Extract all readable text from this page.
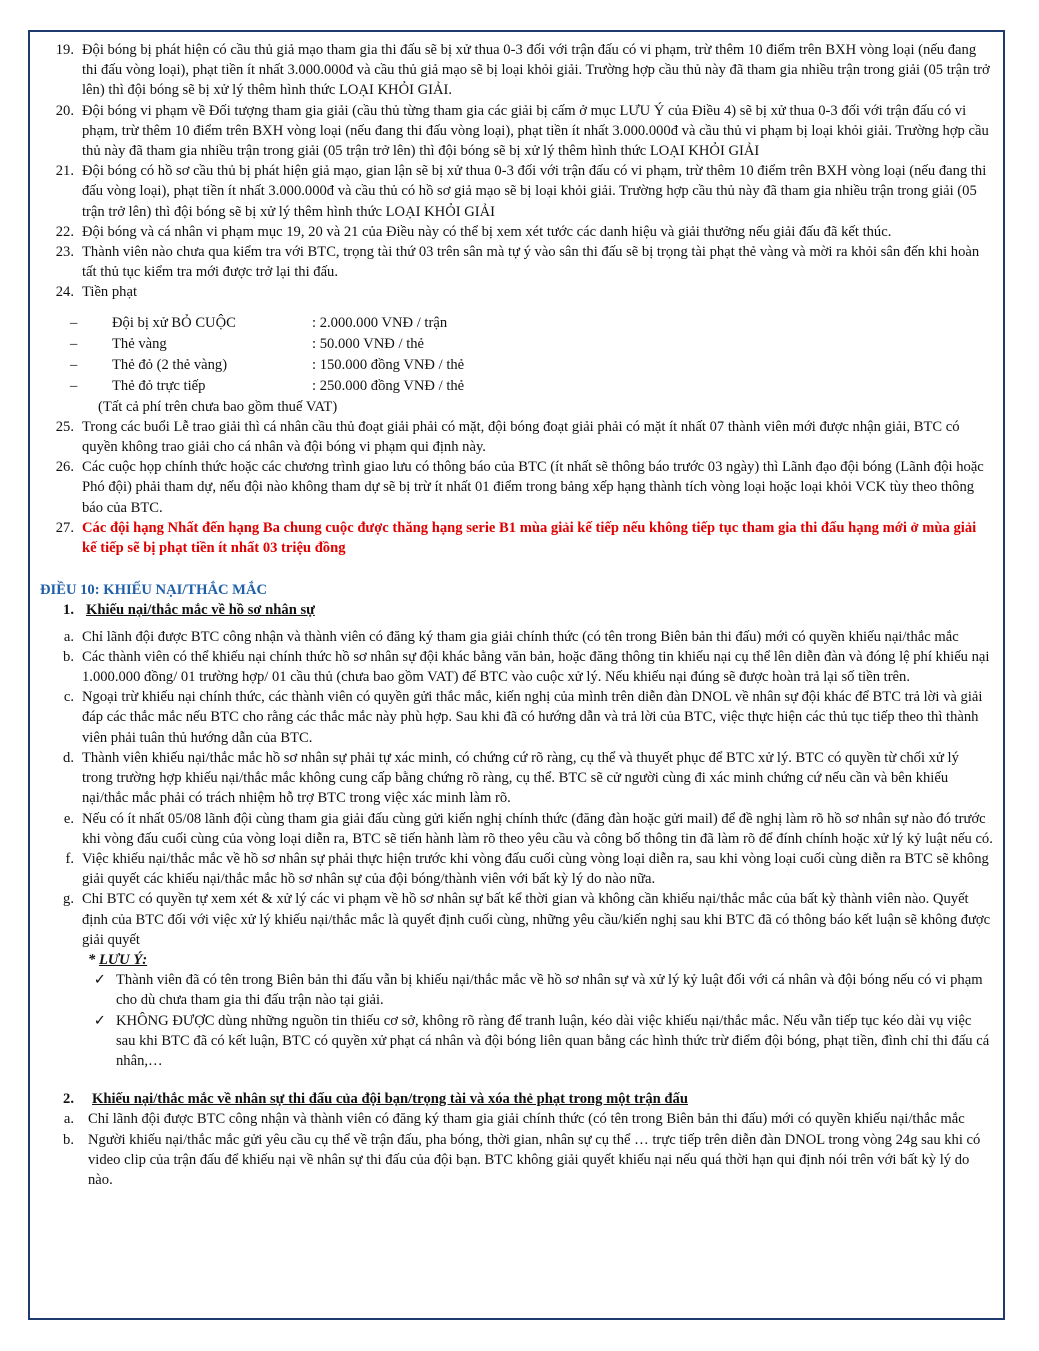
19. Đội bóng bị phát hiện có cầu thủ giả mạo tham gia thi đấu sẽ bị xử thua 0-3 đối với trận đấu có vi phạm, trừ thêm 10 điểm trên BXH vòng loại (nếu đang thi đấu vòng loại), phạt tiền ít nhất 3.000.000đ và cầu thủ giả mạo sẽ bị loại khỏi giải. Trường hợp cầu thủ này đã tham gia nhiều trận trong giải (05 trận trở lên) thì đội bóng sẽ bị xử lý thêm hình thức LOẠI KHỎI GIẢI.
20. Đội bóng vi phạm về Đối tượng tham gia giải (cầu thủ từng tham gia các giải bị cấm ở mục LƯU Ý của Điều 4) sẽ bị xử thua 0-3 đối với trận đấu có vi phạm, trừ thêm 10 điểm trên BXH vòng loại (nếu đang thi đấu vòng loại), phạt tiền ít nhất 3.000.000đ và cầu thủ vi phạm bị loại khỏi giải. Trường hợp cầu thủ này đã tham gia nhiều trận trong giải (05 trận trở lên) thì đội bóng sẽ bị xử lý thêm hình thức LOẠI KHỎI GIẢI
21. Đội bóng có hồ sơ cầu thủ bị phát hiện giả mạo, gian lận sẽ bị xử thua 0-3 đối với trận đấu có vi phạm, trừ thêm 10 điểm trên BXH vòng loại (nếu đang thi đấu vòng loại), phạt tiền ít nhất 3.000.000đ và cầu thủ có hồ sơ giả mạo sẽ bị loại khỏi giải. Trường hợp cầu thủ này đã tham gia nhiều trận trong giải (05 trận trở lên) thì đội bóng sẽ bị xử lý thêm hình thức LOẠI KHỎI GIẢI
22. Đội bóng và cá nhân vi phạm mục 19, 20 và 21 của Điều này có thể bị xem xét tước các danh hiệu và giải thưởng nếu giải đấu đã kết thúc.
23. Thành viên nào chưa qua kiểm tra với BTC, trọng tài thứ 03 trên sân mà tự ý vào sân thi đấu sẽ bị trọng tài phạt thẻ vàng và mời ra khỏi sân đến khi hoàn tất thủ tục kiểm tra mới được trở lại thi đấu.
24. Tiền phạt
–	Đội bị xử BỎ CUỘC	: 2.000.000 VNĐ / trận
–	Thẻ vàng	: 50.000 VNĐ / thẻ
–	Thẻ đỏ (2 thẻ vàng)	: 150.000 đồng VNĐ / thẻ
–	Thẻ đỏ trực tiếp	: 250.000 đồng VNĐ / thẻ
(Tất cả phí trên chưa bao gồm thuế VAT)
25. Trong các buổi Lễ trao giải thì cá nhân cầu thủ đoạt giải phải có mặt, đội bóng đoạt giải phải có mặt ít nhất 07 thành viên mới được nhận giải, BTC có quyền không trao giải cho cá nhân và đội bóng vi phạm qui định này.
26. Các cuộc họp chính thức hoặc các chương trình giao lưu có thông báo của BTC (ít nhất sẽ thông báo trước 03 ngày) thì Lãnh đạo đội bóng (Lãnh đội hoặc Phó đội) phải tham dự, nếu đội nào không tham dự sẽ bị trừ ít nhất 01 điểm trong bảng xếp hạng thành tích vòng loại hoặc loại khỏi VCK tùy theo thông báo của BTC.
27. Các đội hạng Nhất đến hạng Ba chung cuộc được thăng hạng serie B1 mùa giải kế tiếp nếu không tiếp tục tham gia thi đấu hạng mới ở mùa giải kế tiếp sẽ bị phạt tiền ít nhất 03 triệu đồng
ĐIỀU 10: KHIẾU NẠI/THẮC MẮC
1. Khiếu nại/thắc mắc về hồ sơ nhân sự
a. Chỉ lãnh đội được BTC công nhận và thành viên có đăng ký tham gia giải chính thức (có tên trong Biên bản thi đấu) mới có quyền khiếu nại/thắc mắc
b. Các thành viên có thể khiếu nại chính thức hồ sơ nhân sự đội khác bằng văn bản, hoặc đăng thông tin khiếu nại cụ thể lên diễn đàn và đóng lệ phí khiếu nại 1.000.000 đồng/ 01 trường hợp/ 01 cầu thủ (chưa bao gồm VAT) để BTC vào cuộc xử lý. Nếu khiếu nại đúng sẽ được hoàn trả lại số tiền trên.
c. Ngoại trừ khiếu nại chính thức, các thành viên có quyền gửi thắc mắc, kiến nghị của mình trên diễn đàn DNOL về nhân sự đội khác để BTC trả lời và giải đáp các thắc mắc nếu BTC cho rằng các thắc mắc này phù hợp. Sau khi đã có hướng dẫn và trả lời của BTC, việc thực hiện các thủ tục tiếp theo thì thành viên phải tuân thủ hướng dẫn của BTC.
d. Thành viên khiếu nại/thắc mắc hồ sơ nhân sự phải tự xác minh, có chứng cứ rõ ràng, cụ thể và thuyết phục để BTC xử lý. BTC có quyền từ chối xử lý trong trường hợp khiếu nại/thắc mắc không cung cấp bằng chứng rõ ràng, cụ thể. BTC sẽ cử người cùng đi xác minh chứng cứ nếu cần và bên khiếu nại/thắc mắc phải có trách nhiệm hỗ trợ BTC trong việc xác minh làm rõ.
e. Nếu có ít nhất 05/08 lãnh đội cùng tham gia giải đấu cùng gửi kiến nghị chính thức (đăng đàn hoặc gửi mail) để đề nghị làm rõ hồ sơ nhân sự nào đó trước khi vòng đấu cuối cùng của vòng loại diễn ra, BTC sẽ tiến hành làm rõ theo yêu cầu và công bố thông tin đã làm rõ để đính chính hoặc xử lý kỷ luật nếu có.
f. Việc khiếu nại/thắc mắc về hồ sơ nhân sự phải thực hiện trước khi vòng đấu cuối cùng vòng loại diễn ra, sau khi vòng loại cuối cùng diễn ra BTC sẽ không giải quyết các khiếu nại/thắc mắc hồ sơ nhân sự của đội bóng/thành viên với bất kỳ lý do nào nữa.
g. Chỉ BTC có quyền tự xem xét & xử lý các vi phạm về hồ sơ nhân sự bất kể thời gian và không cần khiếu nại/thắc mắc của bất kỳ thành viên nào. Quyết định của BTC đối với việc xử lý khiếu nại/thắc mắc là quyết định cuối cùng, những yêu cầu/kiến nghị sau khi BTC đã có thông báo kết luận sẽ không được giải quyết
* LƯU Ý:
✓ Thành viên đã có tên trong Biên bản thi đấu vẫn bị khiếu nại/thắc mắc về hồ sơ nhân sự và xử lý kỷ luật đối với cá nhân và đội bóng nếu có vi phạm cho dù chưa tham gia thi đấu trận nào tại giải.
✓ KHÔNG ĐƯỢC dùng những nguồn tin thiếu cơ sở, không rõ ràng để tranh luận, kéo dài việc khiếu nại/thắc mắc. Nếu vẫn tiếp tục kéo dài vụ việc sau khi BTC đã có kết luận, BTC có quyền xử phạt cá nhân và đội bóng liên quan bằng các hình thức trừ điểm đội bóng, phạt tiền, đình chỉ thi đấu cá nhân,…
2.	Khiếu nại/thắc mắc về nhân sự thi đấu của đội bạn/trọng tài và xóa thẻ phạt trong một trận đấu
a. Chỉ lãnh đội được BTC công nhận và thành viên có đăng ký tham gia giải chính thức (có tên trong Biên bản thi đấu) mới có quyền khiếu nại/thắc mắc
b. Người khiếu nại/thắc mắc gửi yêu cầu cụ thể về trận đấu, pha bóng, thời gian, nhân sự cụ thể … trực tiếp trên diễn đàn DNOL trong vòng 24g sau khi có video clip của trận đấu để khiếu nại về nhân sự thi đấu của đội bạn. BTC không giải quyết khiếu nại nếu quá thời hạn qui định nói trên với bất kỳ lý do nào.
